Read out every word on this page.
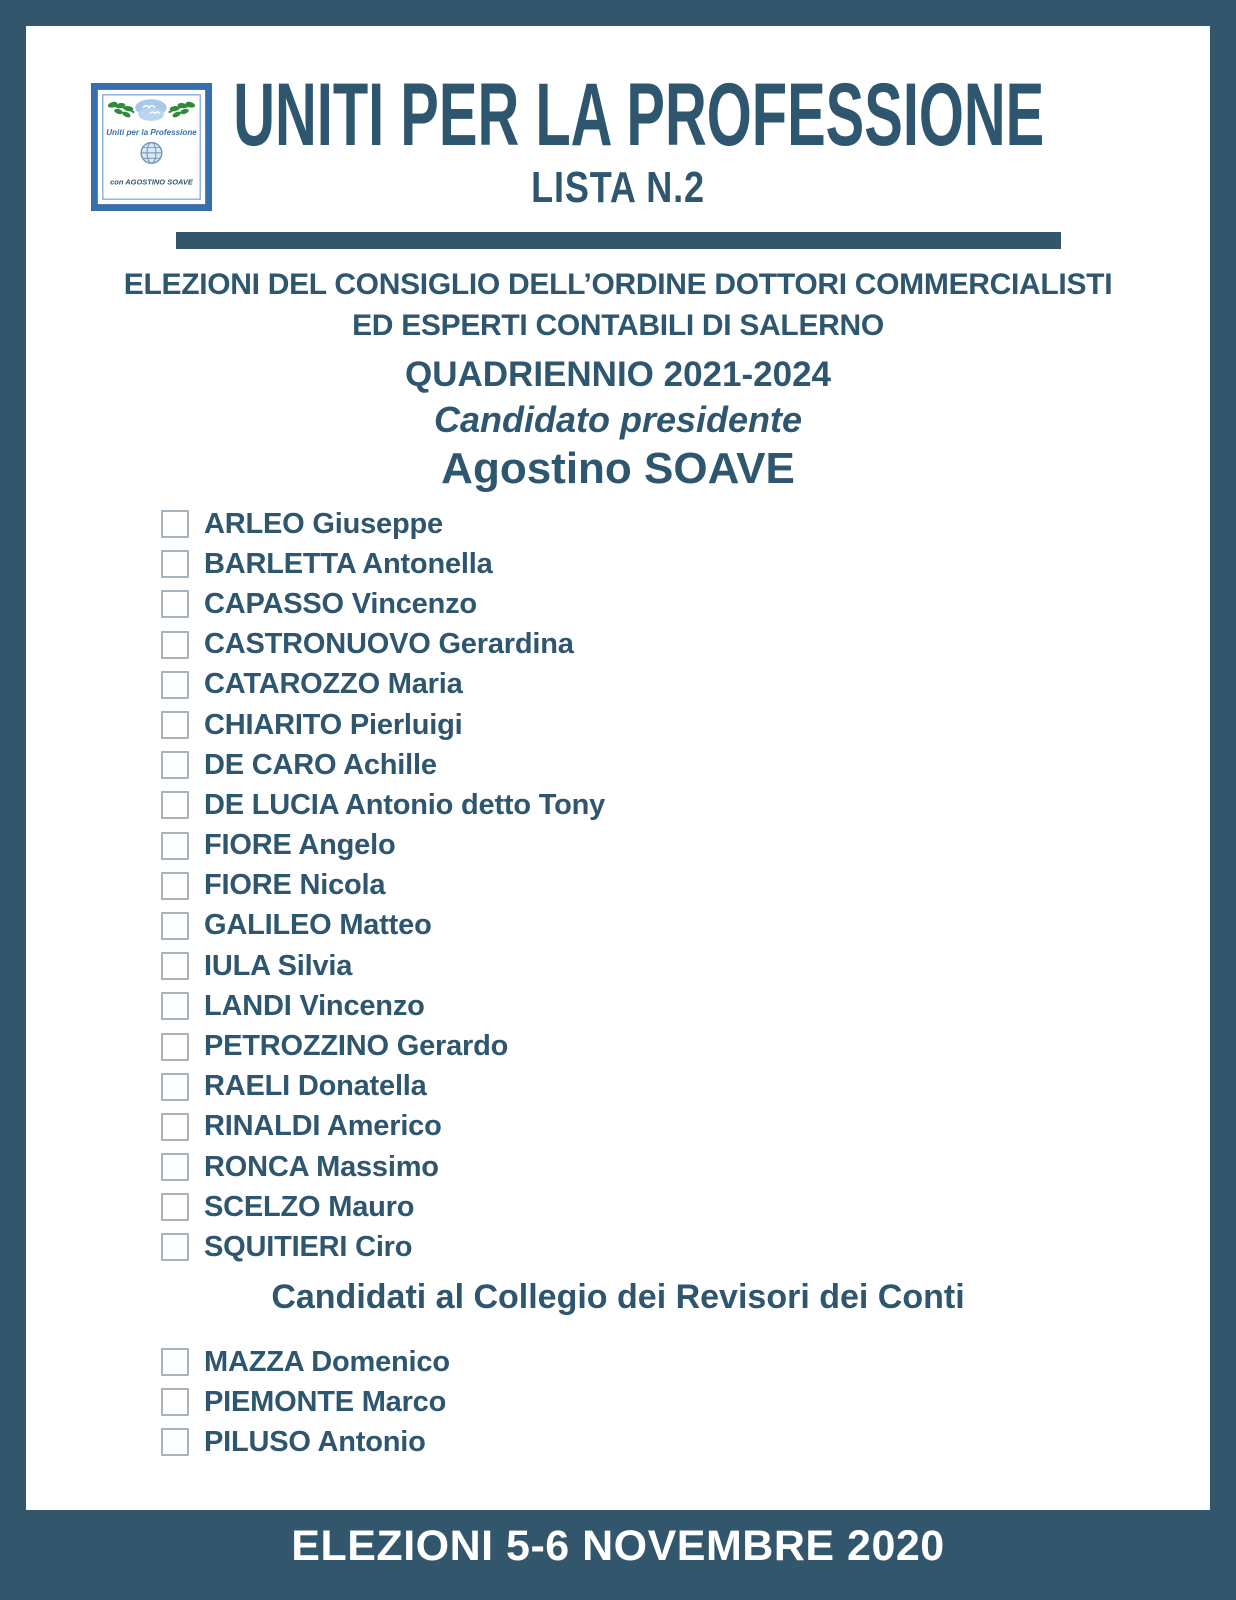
Uniti per la Professione
con AGOSTINO SOAVE
UNITI PER LA PROFESSIONE
LISTA N.2
ELEZIONI DEL CONSIGLIO DELL’ORDINE DOTTORI COMMERCIALISTI
ED ESPERTI CONTABILI DI SALERNO
QUADRIENNIO 2021-2024
Candidato presidente
Agostino SOAVE
ARLEO Giuseppe
BARLETTA Antonella
CAPASSO Vincenzo
CASTRONUOVO Gerardina
CATAROZZO Maria
CHIARITO Pierluigi
DE CARO Achille
DE LUCIA Antonio detto Tony
FIORE Angelo
FIORE Nicola
GALILEO Matteo
IULA Silvia
LANDI Vincenzo
PETROZZINO Gerardo
RAELI Donatella
RINALDI Americo
RONCA Massimo
SCELZO Mauro
SQUITIERI Ciro
Candidati al Collegio dei Revisori dei Conti
MAZZA Domenico
PIEMONTE Marco
PILUSO Antonio
ELEZIONI 5-6 NOVEMBRE 2020
